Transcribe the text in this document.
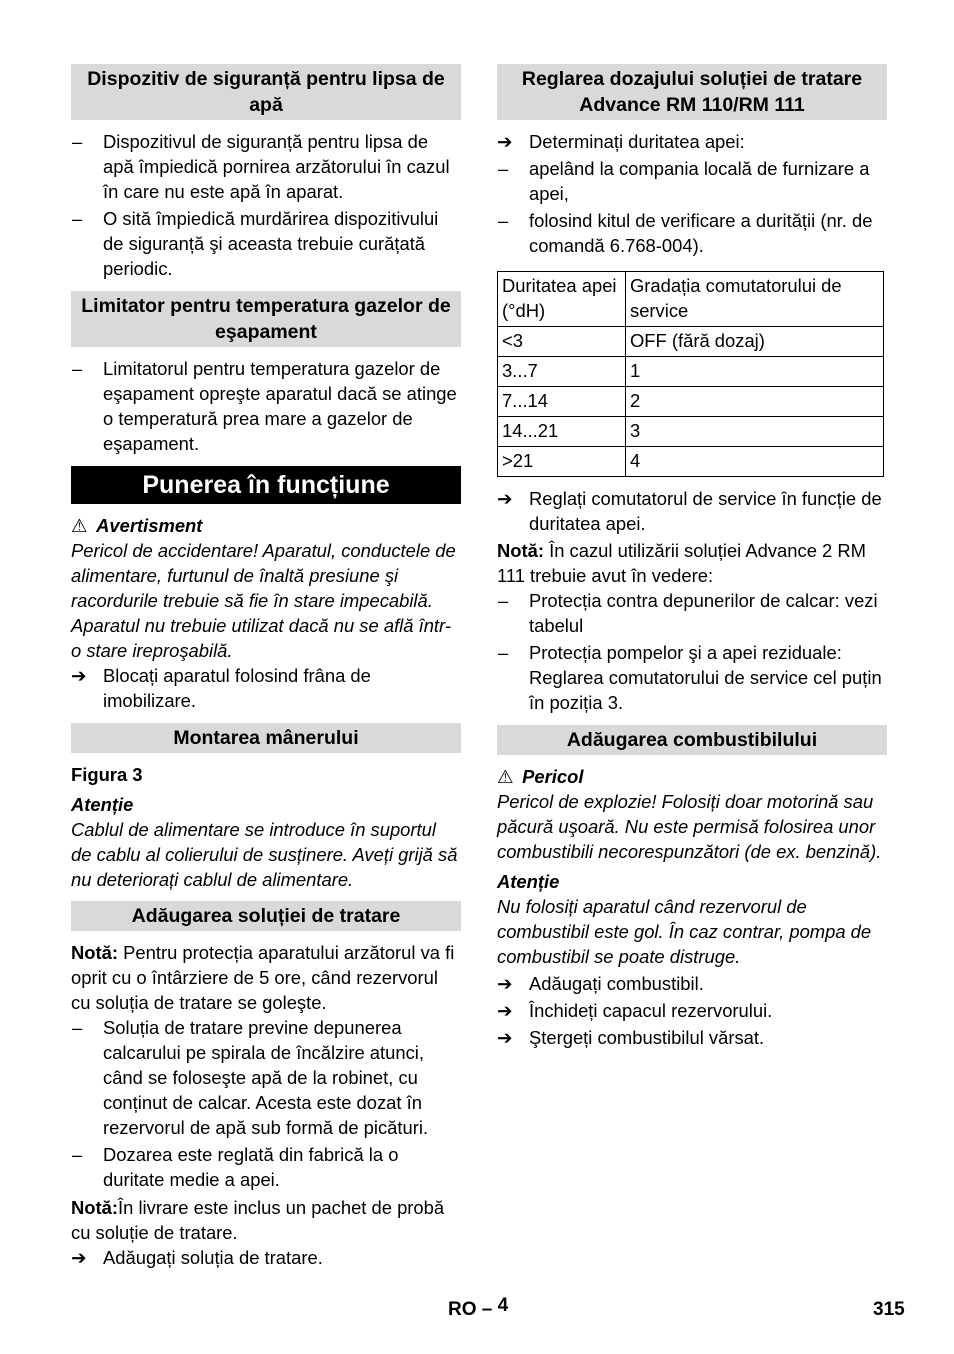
Dispozitiv de siguranță pentru lipsa de apă
–	Dispozitivul de siguranță pentru lipsa de apă împiedică pornirea arzătorului în cazul în care nu este apă în aparat.
–	O sită împiedică murdărirea dispozitivului de siguranță şi aceasta trebuie curățată periodic.
Limitator pentru temperatura gazelor de eşapament
–	Limitatorul pentru temperatura gazelor de eşapament opreşte aparatul dacă se atinge o temperatură prea mare a gazelor de eşapament.
Punerea în funcțiune
⚠ Avertisment
Pericol de accidentare! Aparatul, conductele de alimentare, furtunul de înaltă presiune şi racordurile trebuie să fie în stare impecabilă. Aparatul nu trebuie utilizat dacă nu se află într-o stare ireproşabilă.
➔ Blocați aparatul folosind frâna de imobilizare.
Montarea mânerului
Figura 3
Atenție
Cablul de alimentare se introduce în suportul de cablu al colierului de susținere. Aveți grijă să nu deteriorați cablul de alimentare.
Adăugarea soluției de tratare
Notă: Pentru protecția aparatului arzătorul va fi oprit cu o întârziere de 5 ore, când rezervorul cu soluția de tratare se goleşte.
–	Soluția de tratare previne depunerea calcarului pe spirala de încălzire atunci, când se foloseşte apă de la robinet, cu conținut de calcar. Acesta este dozat în rezervorul de apă sub formă de picături.
–	Dozarea este reglată din fabrică la o duritate medie a apei.
Notă:În livrare este inclus un pachet de probă cu soluție de tratare.
➔ Adăugați soluția de tratare.
Reglarea dozajului soluției de tratare Advance RM 110/RM 111
➔ Determinați duritatea apei:
–	apelând la compania locală de furnizare a apei,
–	folosind kitul de verificare a durității (nr. de comandă 6.768-004).
Duritatea apei (°dH)	Gradația comutatorului de service
<3	OFF (fără dozaj)
3...7	1
7...14	2
14...21	3
>21	4
➔ Reglați comutatorul de service în funcție de duritatea apei.
Notă: În cazul utilizării soluției Advance 2 RM 111 trebuie avut în vedere:
–	Protecția contra depunerilor de calcar: vezi tabelul
–	Protecția pompelor şi a apei reziduale: Reglarea comutatorului de service cel puțin în poziția 3.
Adăugarea combustibilului
⚠ Pericol
Pericol de explozie! Folosiți doar motorină sau păcură uşoară. Nu este permisă folosirea unor combustibili necorespunzători (de ex. benzină).
Atenție
Nu folosiți aparatul când rezervorul de combustibil este gol. În caz contrar, pompa de combustibil se poate distruge.
➔ Adăugați combustibil.
➔ Închideți capacul rezervorului.
➔ Ştergeți combustibilul vărsat.
RO – 4	315
